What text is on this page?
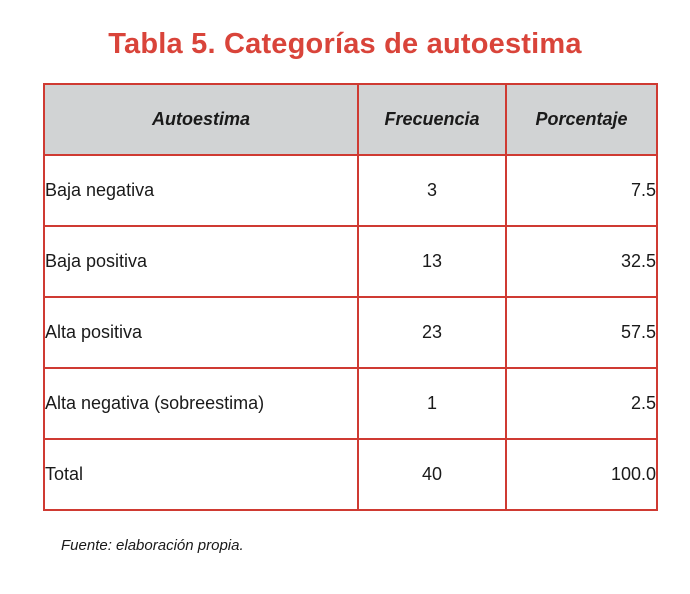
Tabla 5. Categorías de autoestima
Autoestima	Frecuencia	Porcentaje
Baja negativa	3	7.5
Baja positiva	13	32.5
Alta positiva	23	57.5
Alta negativa (sobreestima)	1	2.5
Total	40	100.0
Fuente: elaboración propia.
